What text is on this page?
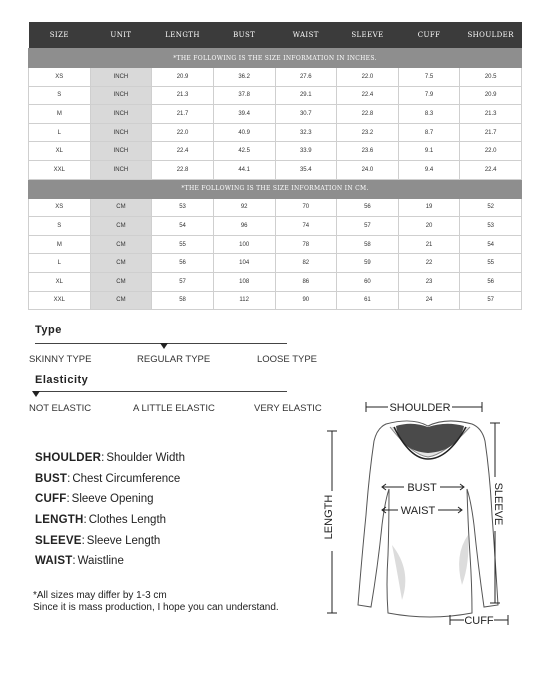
SIZE	UNIT	LENGTH	BUST	WAIST	SLEEVE	CUFF	SHOULDER
*THE FOLLOWING IS THE SIZE INFORMATION IN INCHES.							
XS	INCH	20.9	36.2	27.6	22.0	7.5	20.5
S	INCH	21.3	37.8	29.1	22.4	7.9	20.9
M	INCH	21.7	39.4	30.7	22.8	8.3	21.3
L	INCH	22.0	40.9	32.3	23.2	8.7	21.7
XL	INCH	22.4	42.5	33.9	23.6	9.1	22.0
XXL	INCH	22.8	44.1	35.4	24.0	9.4	22.4
*THE FOLLOWING IS THE SIZE INFORMATION IN CM.							
XS	CM	53	92	70	56	19	52
S	CM	54	96	74	57	20	53
M	CM	55	100	78	58	21	54
L	CM	56	104	82	59	22	55
XL	CM	57	108	86	60	23	56
XXL	CM	58	112	90	61	24	57
Type
SKINNY TYPE	REGULAR TYPE	LOOSE TYPE
Elasticity
NOT ELASTIC	A LITTLE ELASTIC	VERY ELASTIC
SHOULDER : Shoulder Width
BUST : Chest Circumference
CUFF : Sleeve Opening
LENGTH : Clothes Length
SLEEVE : Sleeve Length
WAIST : Waistline
*All sizes may differ by 1-3 cm
Since it is mass production, I hope you can understand.
SHOULDER
BUST
WAIST
LENGTH	SLEEVE
CUFF
